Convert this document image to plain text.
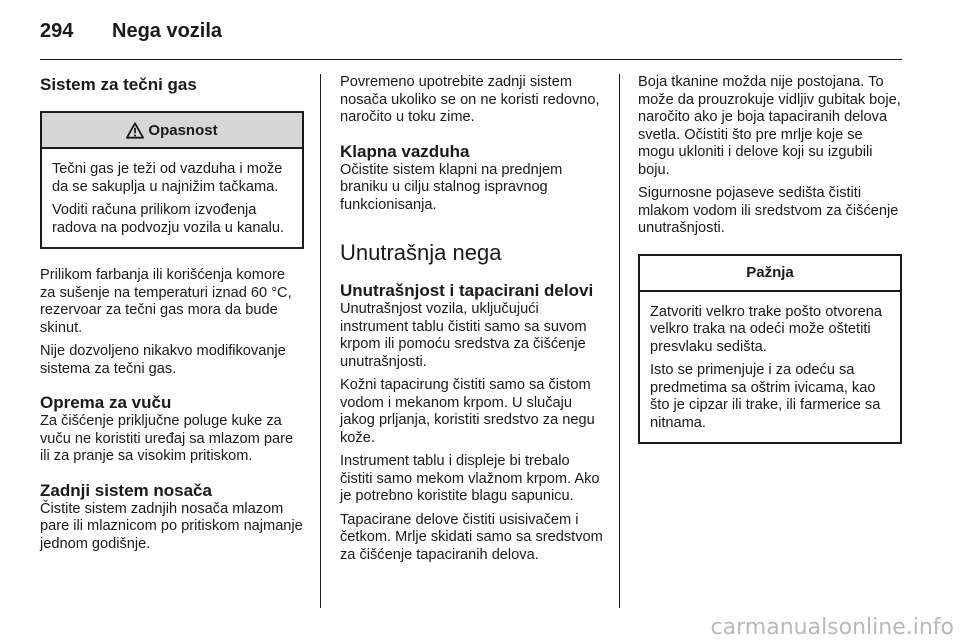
294 Nega vozila
Sistem za tečni gas
Opasnost

Tečni gas je teži od vazduha i može da se sakuplja u najnižim tačkama.

Voditi računa prilikom izvođenja radova na podvozju vozila u kanalu.

Prilikom farbanja ili korišćenja komore za sušenje na temperaturi iznad 60 °C, rezervoar za tečni gas mora da bude skinut.

Nije dozvoljeno nikakvo modifikovanje sistema za tečni gas.

Oprema za vuču

Za čišćenje priključne poluge kuke za vuču ne koristiti uređaj sa mlazom pare ili za pranje sa visokim pritiskom.

Zadnji sistem nosača

Čistite sistem zadnjih nosača mlazom pare ili mlaznicom po pritiskom najmanje jednom godišnje.

Povremeno upotrebite zadnji sistem nosača ukoliko se on ne koristi redovno, naročito u toku zime.

Klapna vazduha

Očistite sistem klapni na prednjem braniku u cilju stalnog ispravnog funkcionisanja.

Unutrašnja nega
Unutrašnjost i tapacirani delovi

Unutrašnjost vozila, uključujući instrument tablu čistiti samo sa suvom krpom ili pomoću sredstva za čišćenje unutrašnjosti.

Kožni tapacirung čistiti samo sa čistom vodom i mekanom krpom. U slučaju jakog prljanja, koristiti sredstvo za negu kože.

Instrument tablu i displeje bi trebalo čistiti samo mekom vlažnom krpom. Ako je potrebno koristite blagu sapunicu.

Tapacirane delove čistiti usisivačem i četkom. Mrlje skidati samo sa sredstvom za čišćenje tapaciranih delova.

Boja tkanine možda nije postojana. To može da prouzrokuje vidljiv gubitak boje, naročito ako je boja tapaciranih delova svetla. Očistiti što pre mrlje koje se mogu ukloniti i delove koji su izgubili boju.

Sigurnosne pojaseve sedišta čistiti mlakom vodom ili sredstvom za čišćenje unutrašnjosti.

Pažnja

Zatvoriti velkro trake pošto otvorena velkro traka na odeći može oštetiti presvlaku sedišta.

Isto se primenjuje i za odeću sa predmetima sa oštrim ivicama, kao što je cipzar ili trake, ili farmerice sa nitnama.

carmanualsonline.info
